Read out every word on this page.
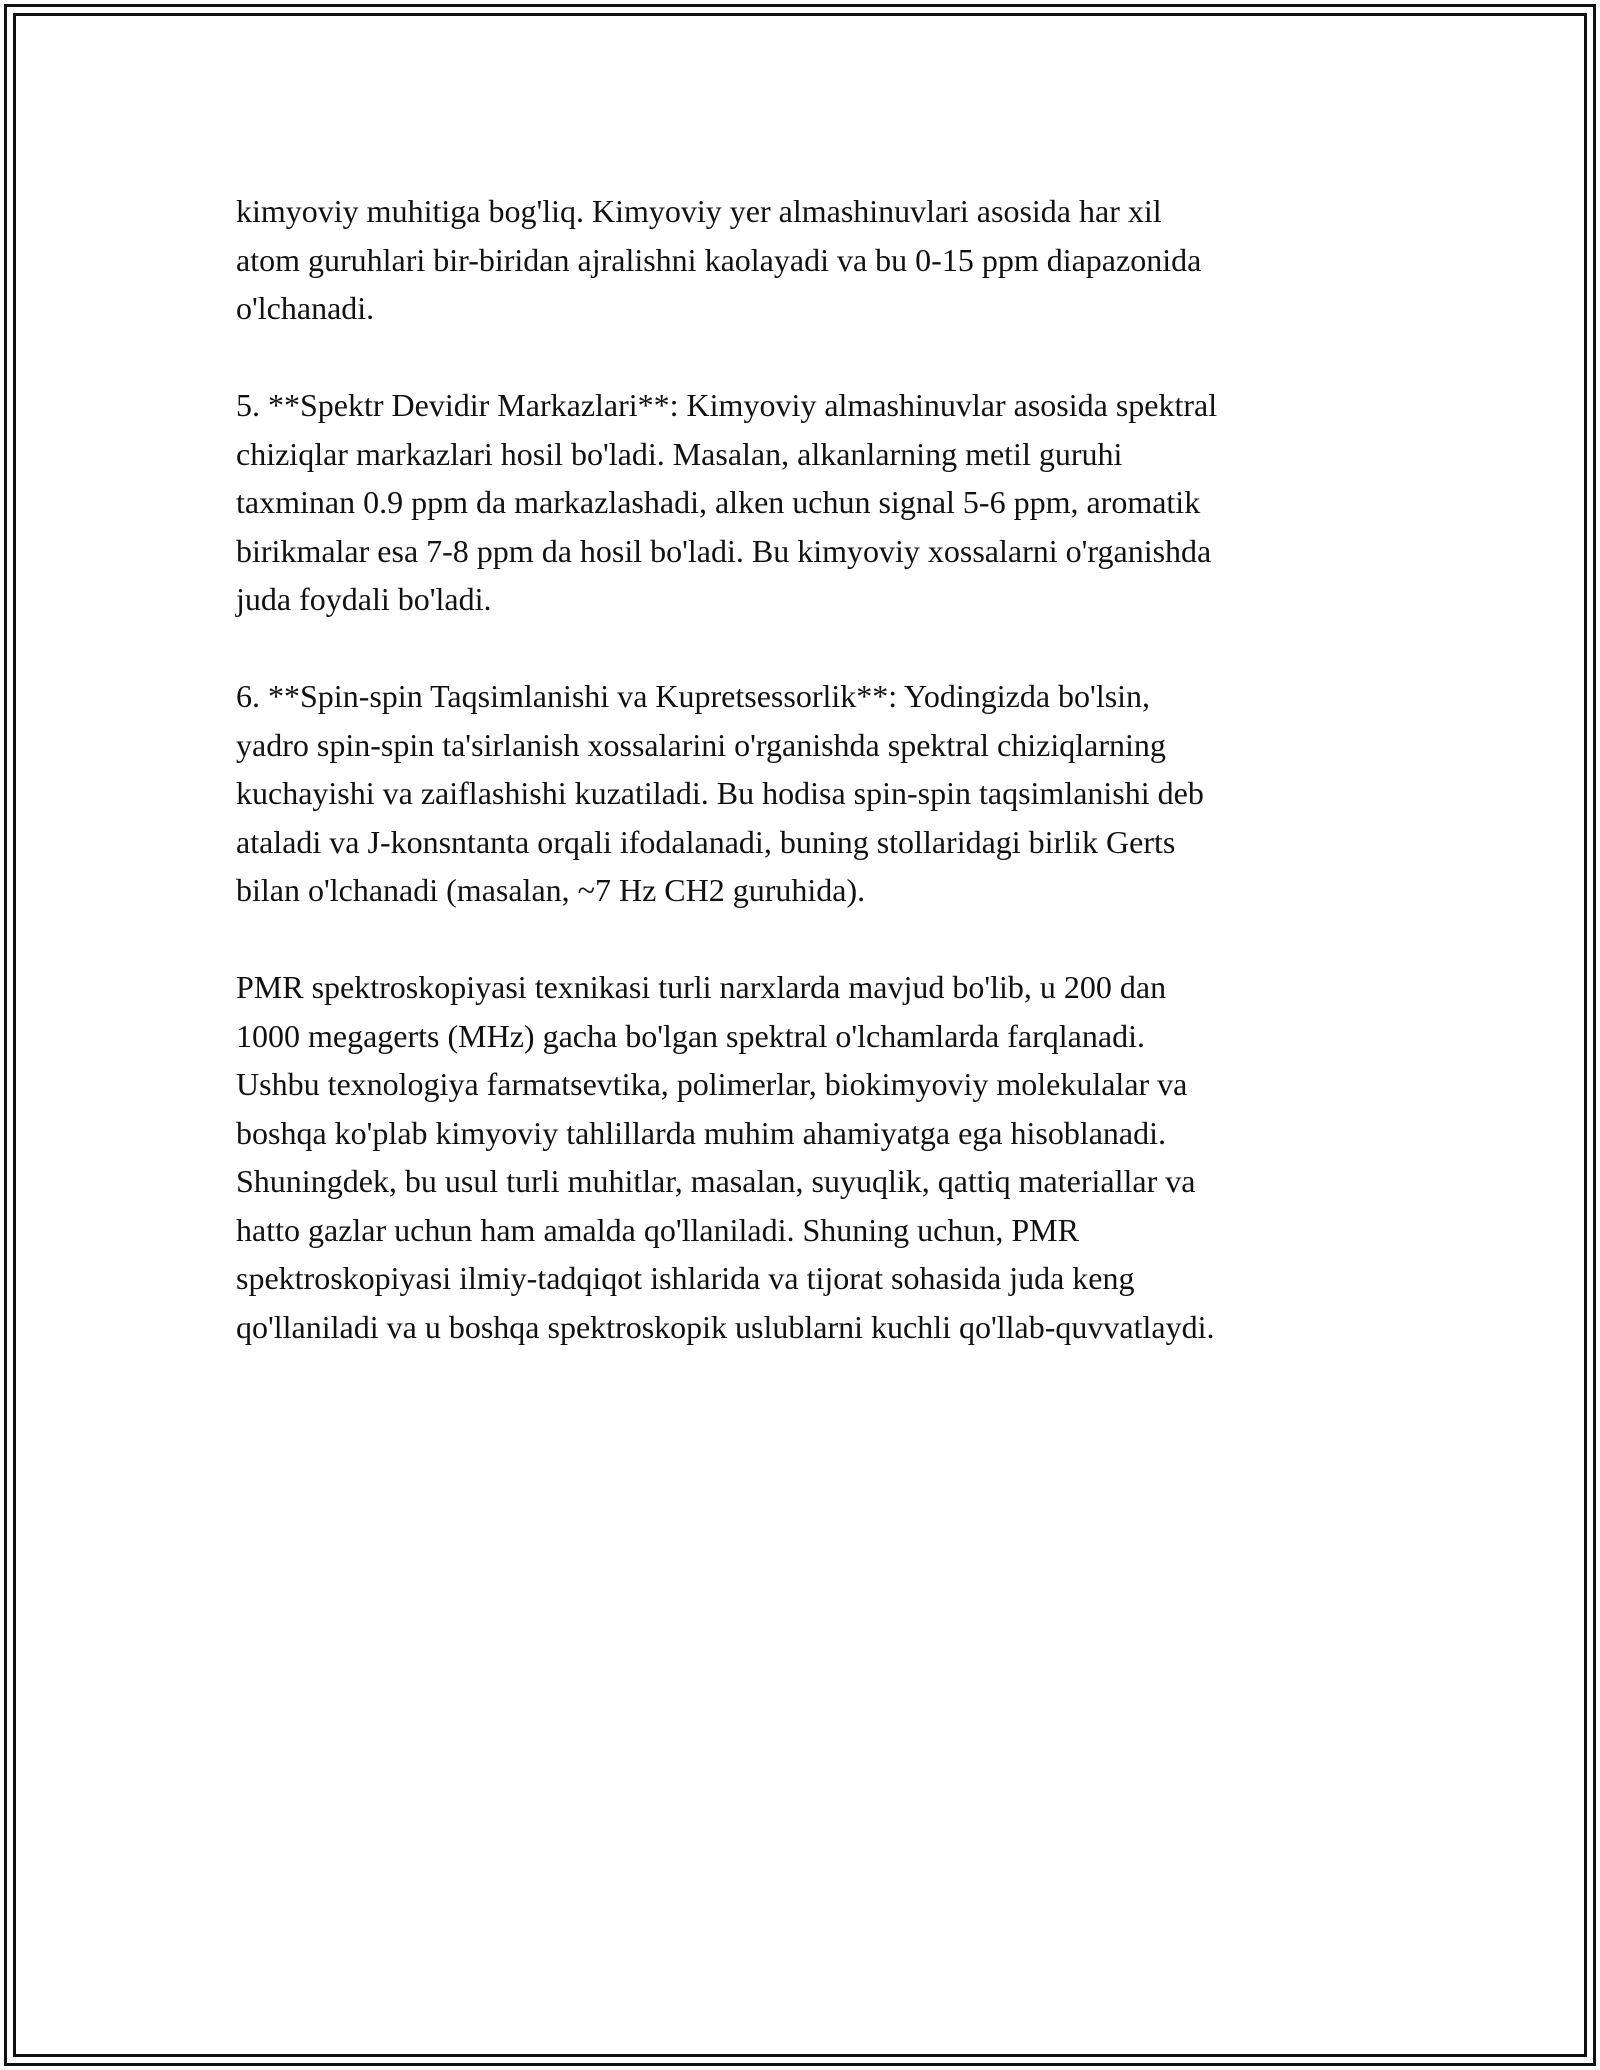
kimyoviy muhitiga bog'liq. Kimyoviy yer almashinuvlari asosida har xil
atom guruhlari bir-biridan ajralishni kaolayadi va bu 0-15 ppm diapazonida
o'lchanadi.

5. **Spektr Devidir Markazlari**: Kimyoviy almashinuvlar asosida spektral
chiziqlar markazlari hosil bo'ladi. Masalan, alkanlarning metil guruhi
taxminan 0.9 ppm da markazlashadi, alken uchun signal 5-6 ppm, aromatik
birikmalar esa 7-8 ppm da hosil bo'ladi. Bu kimyoviy xossalarni o'rganishda
juda foydali bo'ladi.

6. **Spin-spin Taqsimlanishi va Kupretsessorlik**: Yodingizda bo'lsin,
yadro spin-spin ta'sirlanish xossalarini o'rganishda spektral chiziqlarning
kuchayishi va zaiflashishi kuzatiladi. Bu hodisa spin-spin taqsimlanishi deb
ataladi va J-konsntanta orqali ifodalanadi, buning stollaridagi birlik Gerts
bilan o'lchanadi (masalan, ~7 Hz CH2 guruhida).

PMR spektroskopiyasi texnikasi turli narxlarda mavjud bo'lib, u 200 dan
1000 megagerts (MHz) gacha bo'lgan spektral o'lchamlarda farqlanadi.
Ushbu texnologiya farmatsevtika, polimerlar, biokimyoviy molekulalar va
boshqa ko'plab kimyoviy tahlillarda muhim ahamiyatga ega hisoblanadi.
Shuningdek, bu usul turli muhitlar, masalan, suyuqlik, qattiq materiallar va
hatto gazlar uchun ham amalda qo'llaniladi. Shuning uchun, PMR
spektroskopiyasi ilmiy-tadqiqot ishlarida va tijorat sohasida juda keng
qo'llaniladi va u boshqa spektroskopik uslublarni kuchli qo'llab-quvvatlaydi.
